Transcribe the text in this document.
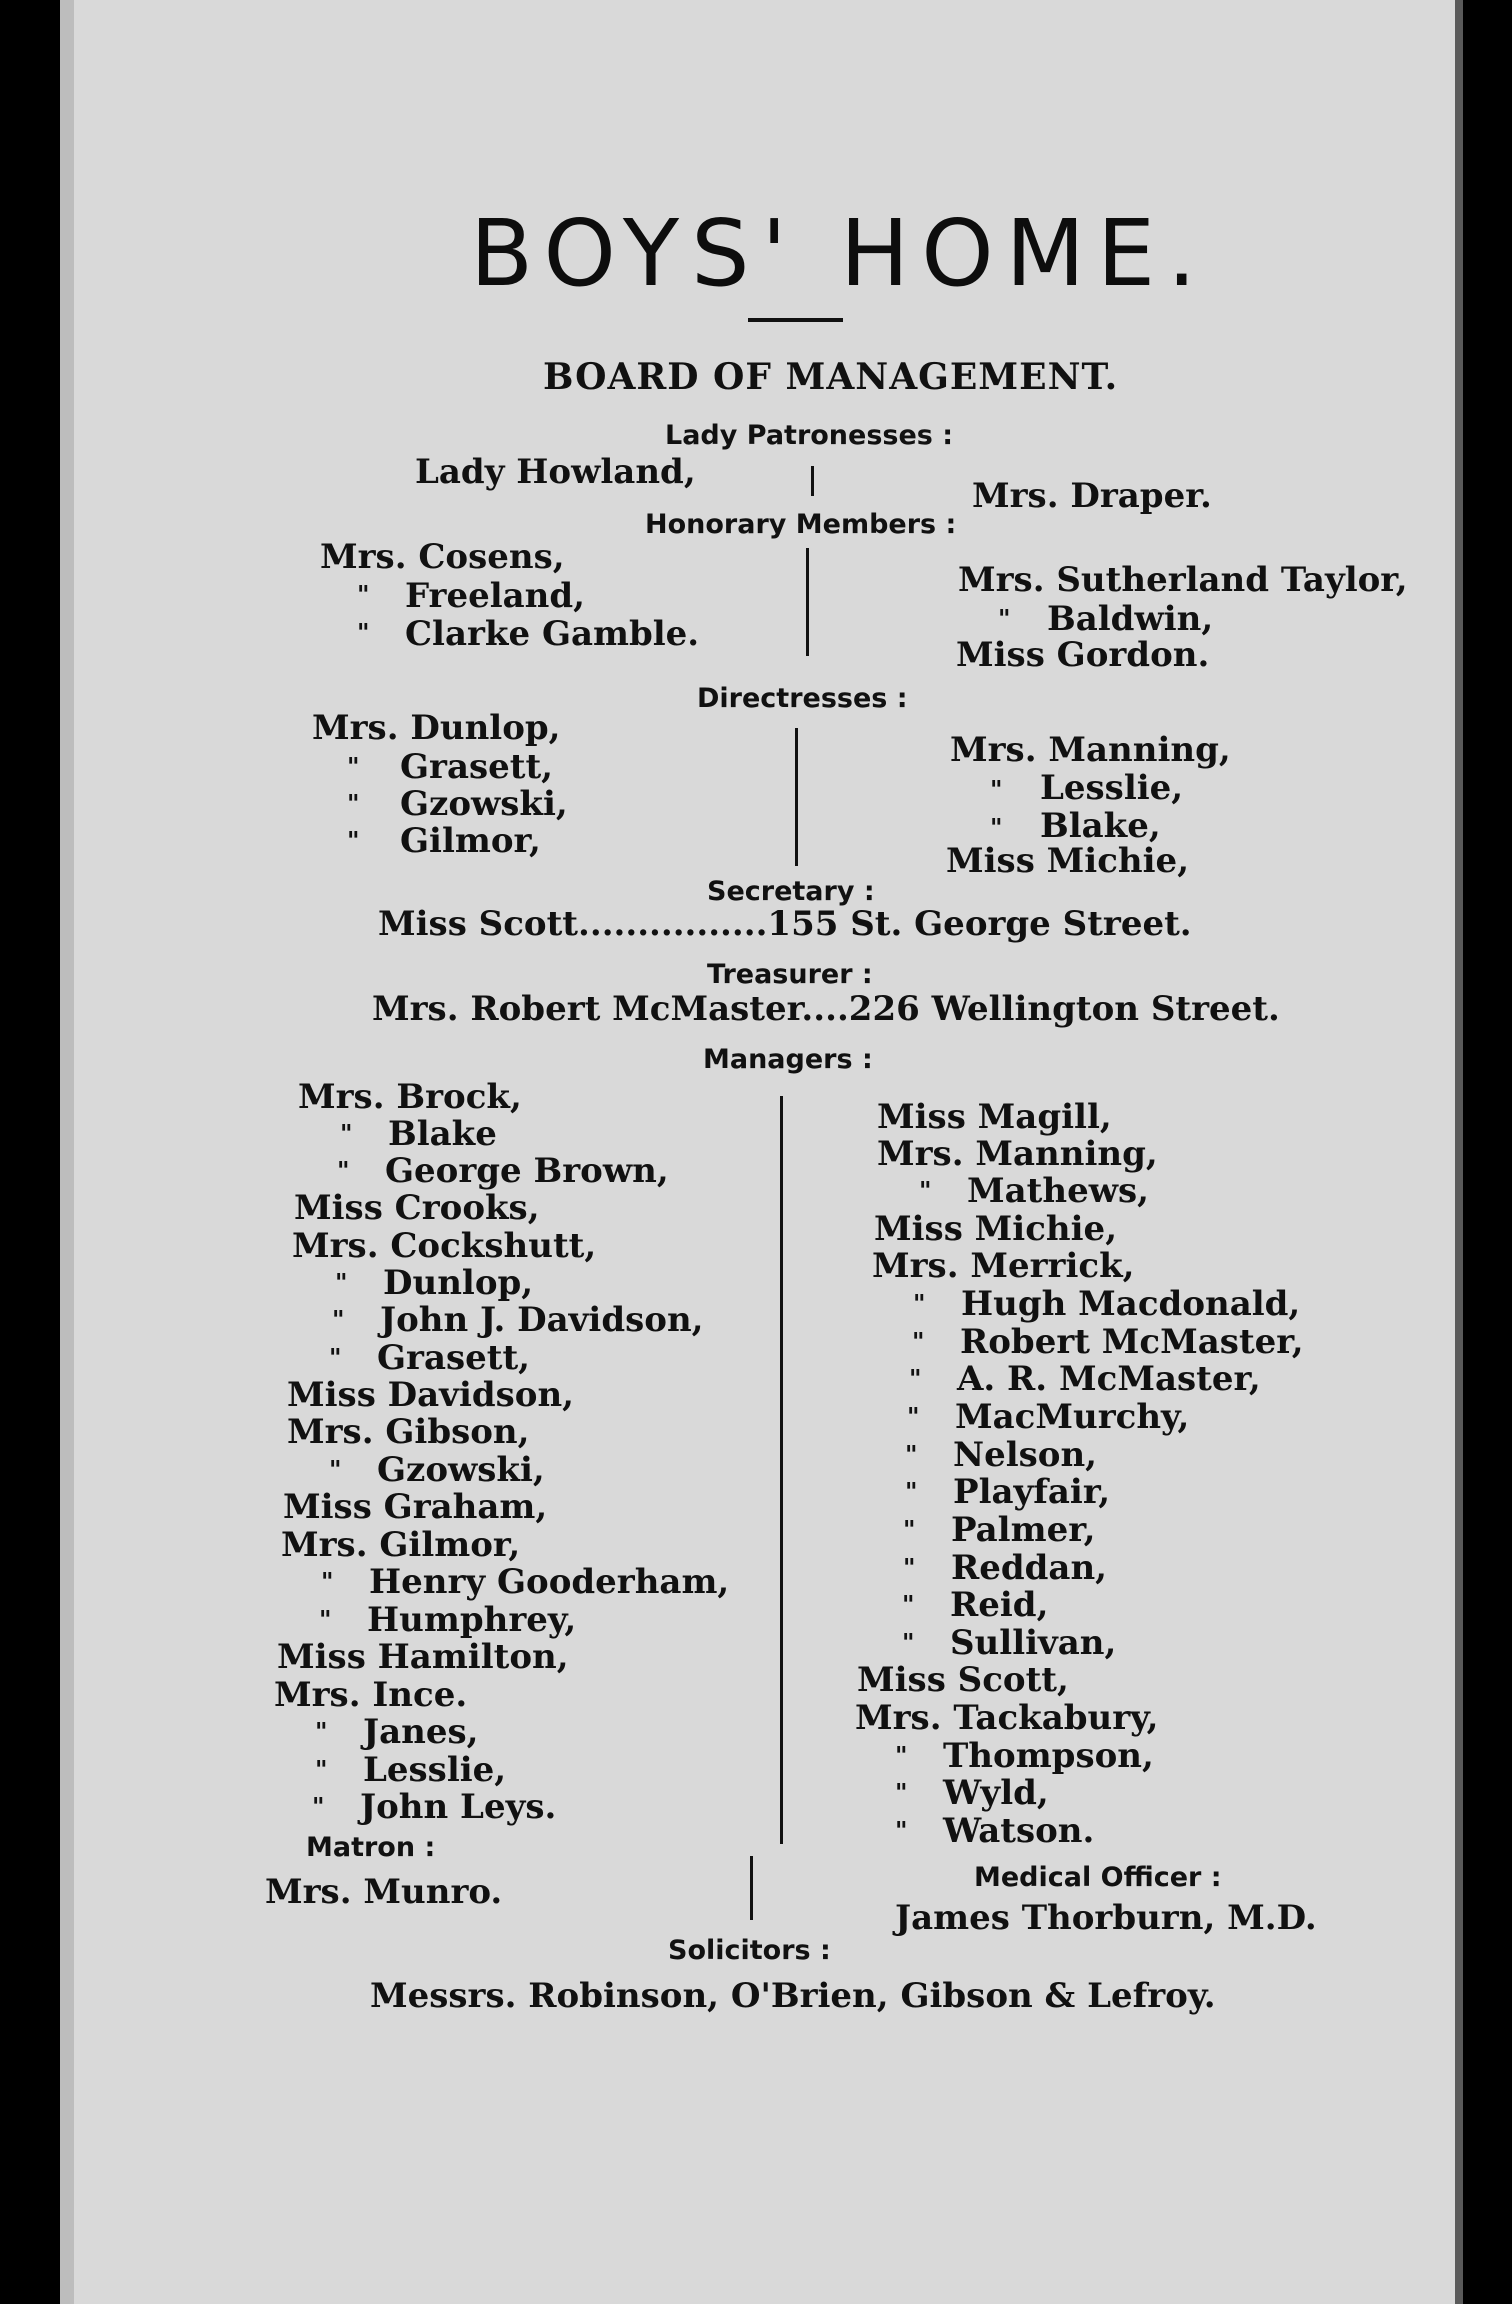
BOYS' HOME.
BOARD OF MANAGEMENT.
Lady Patronesses :
Lady Howland,
Mrs. Draper.
Honorary Members :
Mrs. Cosens,
" Freeland,
" Clarke Gamble.
Mrs. Sutherland Taylor,
" Baldwin,
Miss Gordon.
Directresses :
Mrs. Dunlop,
" Grasett,
" Gzowski,
" Gilmor,
Mrs. Manning,
" Lesslie,
" Blake,
Miss Michie,
Secretary :
Miss Scott................155 St. George Street.
Treasurer :
Mrs. Robert McMaster....226 Wellington Street.
Managers :
Matron :
Mrs. Munro.	Medical Officer :
James Thorburn, M.D.
Solicitors :
Messrs. Robinson, O'Brien, Gibson & Lefroy.
Mrs. Brock,
" Blake
" George Brown,
Miss Crooks,
Mrs. Cockshutt,
" Dunlop,
" John J. Davidson,
" Grasett,
Miss Davidson,
Mrs. Gibson,
" Gzowski,
Miss Graham,
Mrs. Gilmor,
" Henry Gooderham,
" Humphrey,
Miss Hamilton,
Mrs. Ince.
" Janes,
" Lesslie,
" John Leys.
Miss Magill,
Mrs. Manning,
" Mathews,
Miss Michie,
Mrs. Merrick,
" Hugh Macdonald,
" Robert McMaster,
" A. R. McMaster,
" MacMurchy,
" Nelson,
" Playfair,
" Palmer,
" Reddan,
" Reid,
" Sullivan,
Miss Scott,
Mrs. Tackabury,
" Thompson,
" Wyld,
" Watson.
